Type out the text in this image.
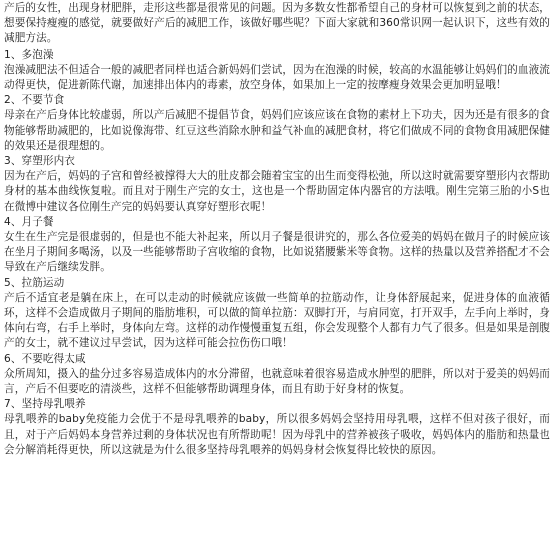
产后的女性，出现身材肥胖，走形这些都是很常见的问题。因为多数女性都希望自己的身材可以恢复到之前的状态，想要保持瘦瘦的感觉，就要做好产后的减肥工作，该做好哪些呢？下面大家就和360常识网一起认识下，这些有效的减肥方法。

1、多泡澡

泡澡减肥法不但适合一般的减肥者同样也适合新妈妈们尝试，因为在泡澡的时候，较高的水温能够让妈妈们的血液流动得更快，促进新陈代谢，加速排出体内的毒素，放空身体，如果加上一定的按摩瘦身效果会更加明显哦！

2、不要节食

母亲在产后身体比较虚弱，所以产后减肥不提倡节食，妈妈们应该应该在食物的素材上下功夫，因为还是有很多的食物能够帮助减肥的，比如说像海带、红豆这些消除水肿和益气补血的减肥食材，将它们做成不同的食物食用减肥保健的效果还是很理想的。

3、穿塑形内衣

因为在产后，妈妈的子宫和曾经被撑得大大的肚皮都会随着宝宝的出生而变得松弛，所以这时就需要穿塑形内衣帮助身材的基本曲线恢复啦。而且对于刚生产完的女士，这也是一个帮助固定体内器官的方法哦。刚生完第三胎的小S也在微博中建议各位刚生产完的妈妈要认真穿好塑形衣呢！

4、月子餐

女生在生产完是很虚弱的，但是也不能大补起来，所以月子餐是很讲究的，那么各位爱美的妈妈在做月子的时候应该在坐月子期间多喝汤，以及一些能够帮助子宫收缩的食物，比如说猪腰紫米等食物。这样的热量以及营养搭配才不会导致在产后继续发胖。

5、拉筋运动

产后不适宜老是躺在床上，在可以走动的时候就应该做一些简单的拉筋动作，让身体舒展起来，促进身体的血液循环，这样不会造成做月子期间的脂肪堆积，可以做的简单拉筋：双脚打开，与肩同宽，打开双手，左手向上举时，身体向右弯，右手上举时，身体向左弯。这样的动作慢慢重复五组，你会发现整个人都有力气了很多。但是如果是剖腹产的女士，就不建议过早尝试，因为这样可能会拉伤伤口哦！

6、不要吃得太咸

众所周知，摄入的盐分过多容易造成体内的水分滞留，也就意味着很容易造成水肿型的肥胖，所以对于爱美的妈妈而言，产后不但要吃的清淡些，这样不但能够帮助调理身体，而且有助于好身材的恢复。

7、坚持母乳喂养

母乳喂养的baby免疫能力会优于不是母乳喂养的baby，所以很多妈妈会坚持用母乳喂，这样不但对孩子很好，而且，对于产后妈妈本身营养过剩的身体状况也有所帮助呢！因为母乳中的营养被孩子吸收，妈妈体内的脂肪和热量也会分解消耗得更快，所以这就是为什么很多坚持母乳喂养的妈妈身材会恢复得比较快的原因。
